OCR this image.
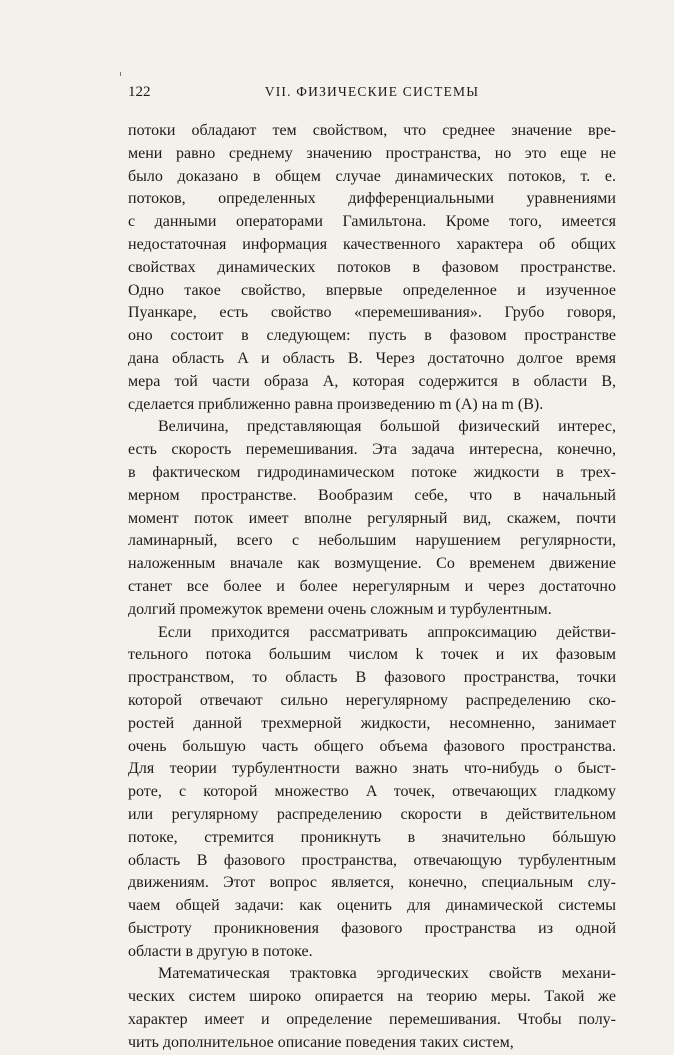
122	VII. ФИЗИЧЕСКИЕ СИСТЕМЫ
потоки обладают тем свойством, что среднее значение вре-
мени равно среднему значению пространства, но это еще не
было доказано в общем случае динамических потоков, т. е.
потоков, определенных дифференциальными уравнениями
с данными операторами Гамильтона. Кроме того, имеется
недостаточная информация качественного характера об общих
свойствах динамических потоков в фазовом пространстве.
Одно такое свойство, впервые определенное и изученное
Пуанкаре, есть свойство «перемешивания». Грубо говоря,
оно состоит в следующем: пусть в фазовом пространстве
дана область A и область B. Через достаточно долгое время
мера той части образа A, которая содержится в области B,
сделается приближенно равна произведению m (A) на m (B).
Величина, представляющая большой физический интерес,
есть скорость перемешивания. Эта задача интересна, конечно,
в фактическом гидродинамическом потоке жидкости в трех-
мерном пространстве. Вообразим себе, что в начальный
момент поток имеет вполне регулярный вид, скажем, почти
ламинарный, всего с небольшим нарушением регулярности,
наложенным вначале как возмущение. Со временем движение
станет все более и более нерегулярным и через достаточно
долгий промежуток времени очень сложным и турбулентным.
Если приходится рассматривать аппроксимацию действи-
тельного потока большим числом k точек и их фазовым
пространством, то область B фазового пространства, точки
которой отвечают сильно нерегулярному распределению ско-
ростей данной трехмерной жидкости, несомненно, занимает
очень большую часть общего объема фазового пространства.
Для теории турбулентности важно знать что-нибудь о быст-
роте, с которой множество A точек, отвечающих гладкому
или регулярному распределению скорости в действительном
потоке, стремится проникнуть в значительно бóльшую
область B фазового пространства, отвечающую турбулентным
движениям. Этот вопрос является, конечно, специальным слу-
чаем общей задачи: как оценить для динамической системы
быстроту проникновения фазового пространства из одной
области в другую в потоке.
Математическая трактовка эргодических свойств механи-
ческих систем широко опирается на теорию меры. Такой же
характер имеет и определение перемешивания. Чтобы полу-
чить дополнительное описание поведения таких систем,
